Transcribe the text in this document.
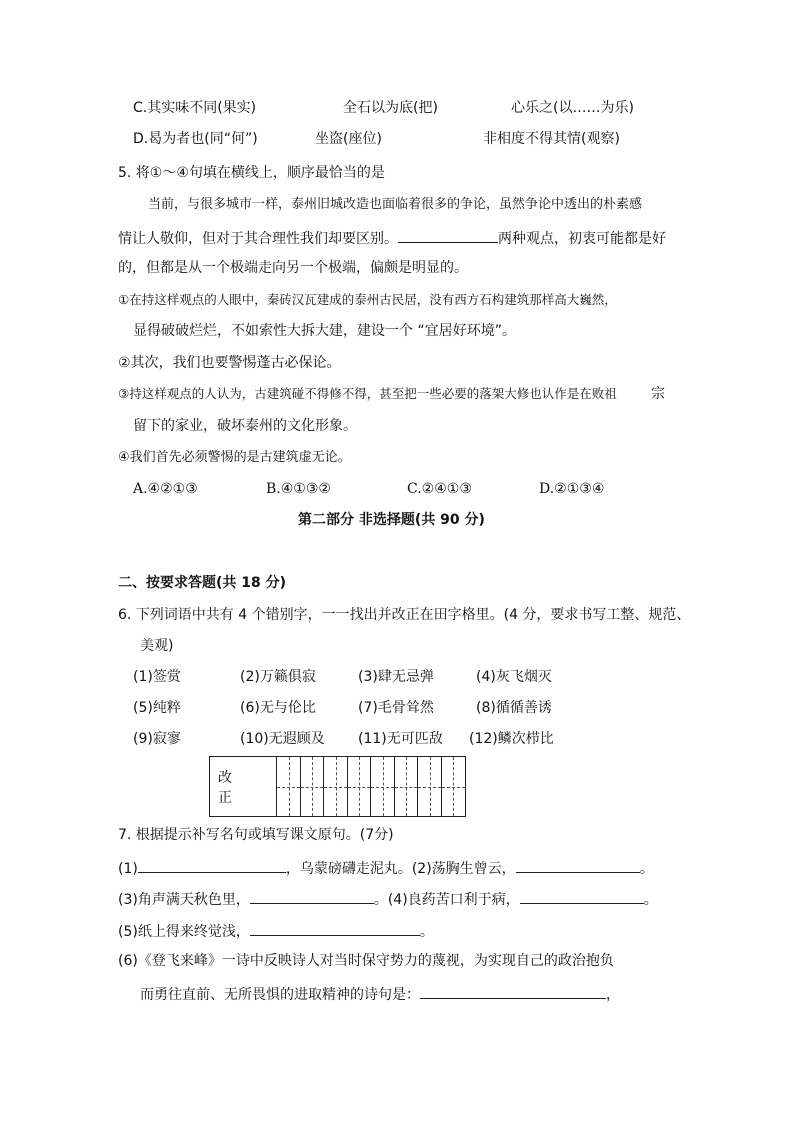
C.其实味不同(果实)	全石以为底(把)	心乐之(以……为乐)
D.曷为者也(同“何”)	坐盗(座位)	非相度不得其情(观察)
5. 将①～④句填在横线上，顺序最恰当的是
当前，与很多城市一样，泰州旧城改造也面临着很多的争论，虽然争论中透出的朴素感
情让人敬仰，但对于其合理性我们却要区别。	两种观点，初衷可能都是好
的，但都是从一个极端走向另一个极端，偏颇是明显的。
①在持这样观点的人眼中，秦砖汉瓦建成的泰州古民居，没有西方石构建筑那样高大巍然，
显得破破烂烂，不如索性大拆大建，建设一个 “宜居好环境”。
②其次，我们也要警惕蓬古必保论。
③持这样观点的人认为，古建筑碰不得修不得，甚至把一些必要的落架大修也认作是在败祖 宗
留下的家业，破坏泰州的文化形象。
④我们首先必须警惕的是古建筑虚无论。
A.④②①③	B.④①③②	C.②④①③	D.②①③④
第二部分 非选择题(共 90 分)
二、按要求答题(共 18 分)
6. 下列词语中共有 4 个错别字，一一找出并改正在田字格里。(4 分，要求书写工整、规范、
美观)
(1)签赏	(2)万籁俱寂	(3)肆无忌弹	(4)灰飞烟灭
(5)纯粹	(6)无与伦比	(7)毛骨耸然	(8)循循善诱
(9)寂寥	(10)无遐顾及 (11)无可匹敌 (12)鳞次栉比
改 正
7. 根据提示补写名句或填写课文原句。(7分)
(1)	，乌蒙磅礴走泥丸。(2)荡胸生曾云，	。
(3)角声满天秋色里，	。(4)良药苦口利于病，	。
(5)纸上得来终觉浅，	。
(6)《登飞来峰》一诗中反映诗人对当时保守势力的蔑视，为实现自己的政治抱负
而勇往直前、无所畏惧的进取精神的诗句是：	，
